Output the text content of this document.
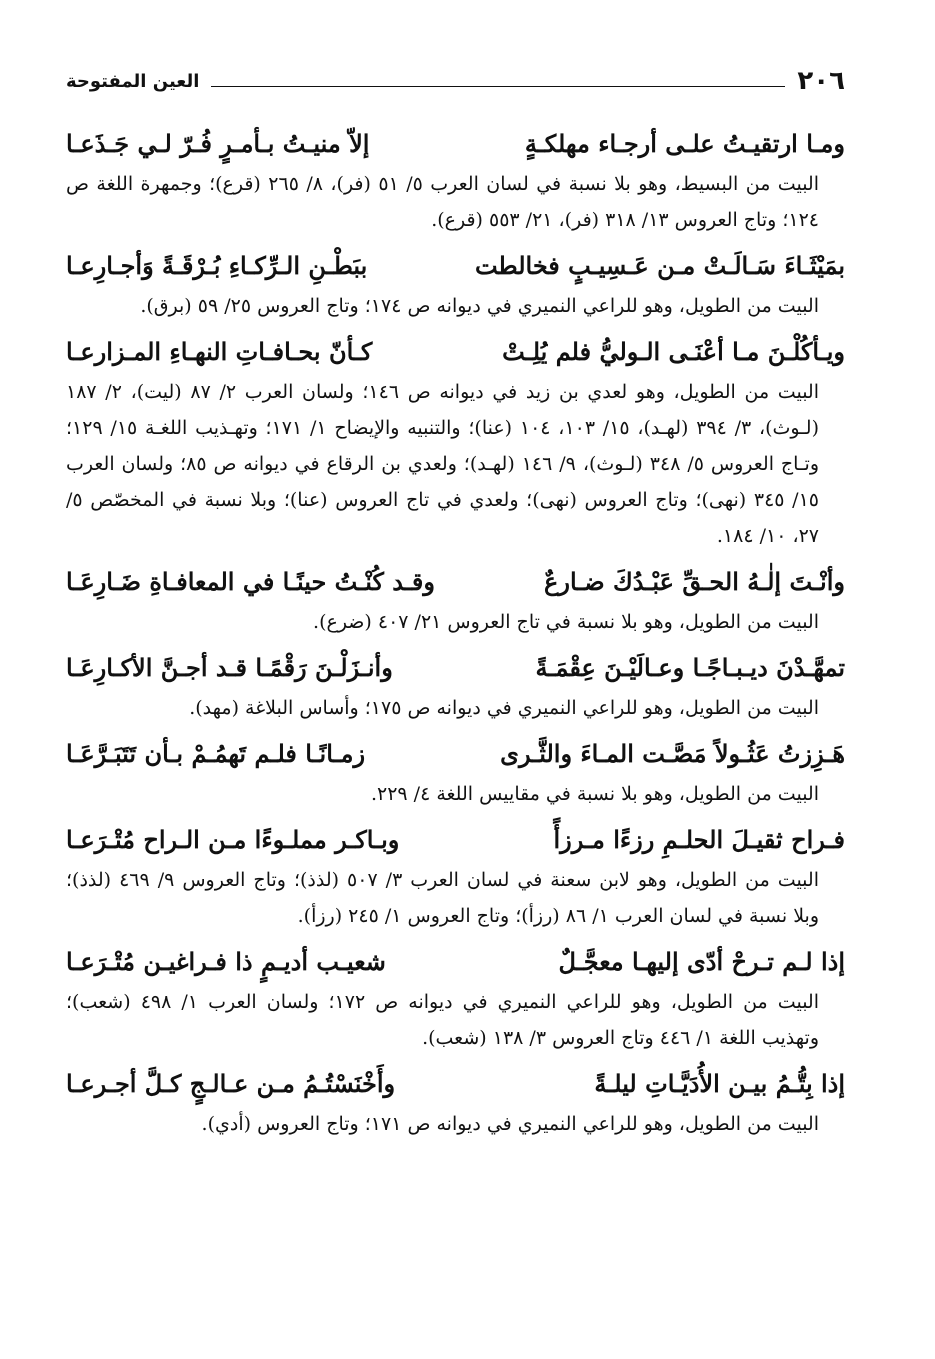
٢٠٦
العين المفتوحة
ومـا ارتقيـتُ علـى أرجـاء مهلكـةٍ
إلاّ منيـتُ بـأمـرٍ فُـرّ لـي جَـذَعـا
البيت من البسيط، وهو بلا نسبة في لسان العرب ٥/ ٥١ (فر)، ٨/ ٢٦٥ (قرع)؛ وجمهرة اللغة ص ١٢٤؛ وتاج العروس ١٣/ ٣١٨ (فر)، ٢١/ ٥٥٣ (قرع).
بمَيْثَـاءَ سَـالَـتْ مـن عَـسِيـبٍ فخالطت
ببَطْـنِ الـرِّكـاءِ بُـرْقَـةً وَأجـارِعـا
البيت من الطويل، وهو للراعي النميري في ديوانه ص ١٧٤؛ وتاج العروس ٢٥/ ٥٩ (برق).
ويـأكُلْـنَ مـا أعْنَـى الـوليُّ فلم يُلِـتْ
كـأنّ بحـافـاتِ النهـاءِ المـزارعـا
البيت من الطويل، وهو لعدي بن زيد في ديوانه ص ١٤٦؛ ولسان العرب ٢/ ٨٧ (ليت)، ٢/ ١٨٧ (لـوث)، ٣/ ٣٩٤ (لهـد)، ١٥/ ١٠٣، ١٠٤ (عنا)؛ والتنبيه والإيضاح ١/ ١٧١؛ وتهـذيب اللغـة ١٥/ ١٢٩؛ وتـاج العروس ٥/ ٣٤٨ (لـوث)، ٩/ ١٤٦ (لهـد)؛ ولعدي بن الرقاع في ديوانه ص ٨٥؛ ولسان العرب ١٥/ ٣٤٥ (نهى)؛ وتاج العروس (نهى)؛ ولعدي في تاج العروس (عنا)؛ وبلا نسبة في المخصّص ٥/ ٢٧، ١٠/ ١٨٤.
وأنْـتَ إلٰـهُ الحـقِّ عَبْـدُكَ ضـارعٌ
وقـد كُنْـتُ حينًـا في المعافـاةِ ضَـارِعَـا
البيت من الطويل، وهو بلا نسبة في تاج العروس ٢١/ ٤٠٧ (ضرع).
تمهَّـدْنَ ديـبـاجًـا وعـالَيْـنَ عِقْمَـةً
وأنـزَلْـنَ رَقْمًـا قـد أجـنَّ الأكـارِعَـا
البيت من الطويل، وهو للراعي النميري في ديوانه ص ١٧٥؛ وأساس البلاغة (مهد).
هَـزِزتُ عَثُـولاً مَصَّـت المـاءَ والثَّـرى
زمـانًـا فلـم تَهمُـمْ بـأن تَتَبَـرَّعَـا
البيت من الطويل، وهو بلا نسبة في مقاييس اللغة ٤/ ٢٢٩.
فـراح ثقيـلَ الحلـمِ رزءًا مـرزأً
وبـاكـر مملـوءًا مـن الـراح مُتْـرَعـا
البيت من الطويل، وهو لابن سعنة في لسان العرب ٣/ ٥٠٧ (لذذ)؛ وتاج العروس ٩/ ٤٦٩ (لذذ)؛ وبلا نسبة في لسان العرب ١/ ٨٦ (رزأ)؛ وتاج العروس ١/ ٢٤٥ (رزأ).
إذا لـم تـرحْ أدّى إليهـا معجَّـلٌ
شعيـب أديـمٍ ذا فـراغيـن مُتْـرَعـا
البيت من الطويل، وهو للراعي النميري في ديوانه ص ١٧٢؛ ولسان العرب ١/ ٤٩٨ (شعب)؛ وتهذيب اللغة ١/ ٤٤٦ وتاج العروس ٣/ ١٣٨ (شعب).
إذا بِتُّـمُ بيـن الأُدَيَّـاتِ ليلـةً
وأَخْنَسْتُـمُ مـن عـالـجٍ كـلَّ أجـرعـا
البيت من الطويل، وهو للراعي النميري في ديوانه ص ١٧١؛ وتاج العروس (أدي).
